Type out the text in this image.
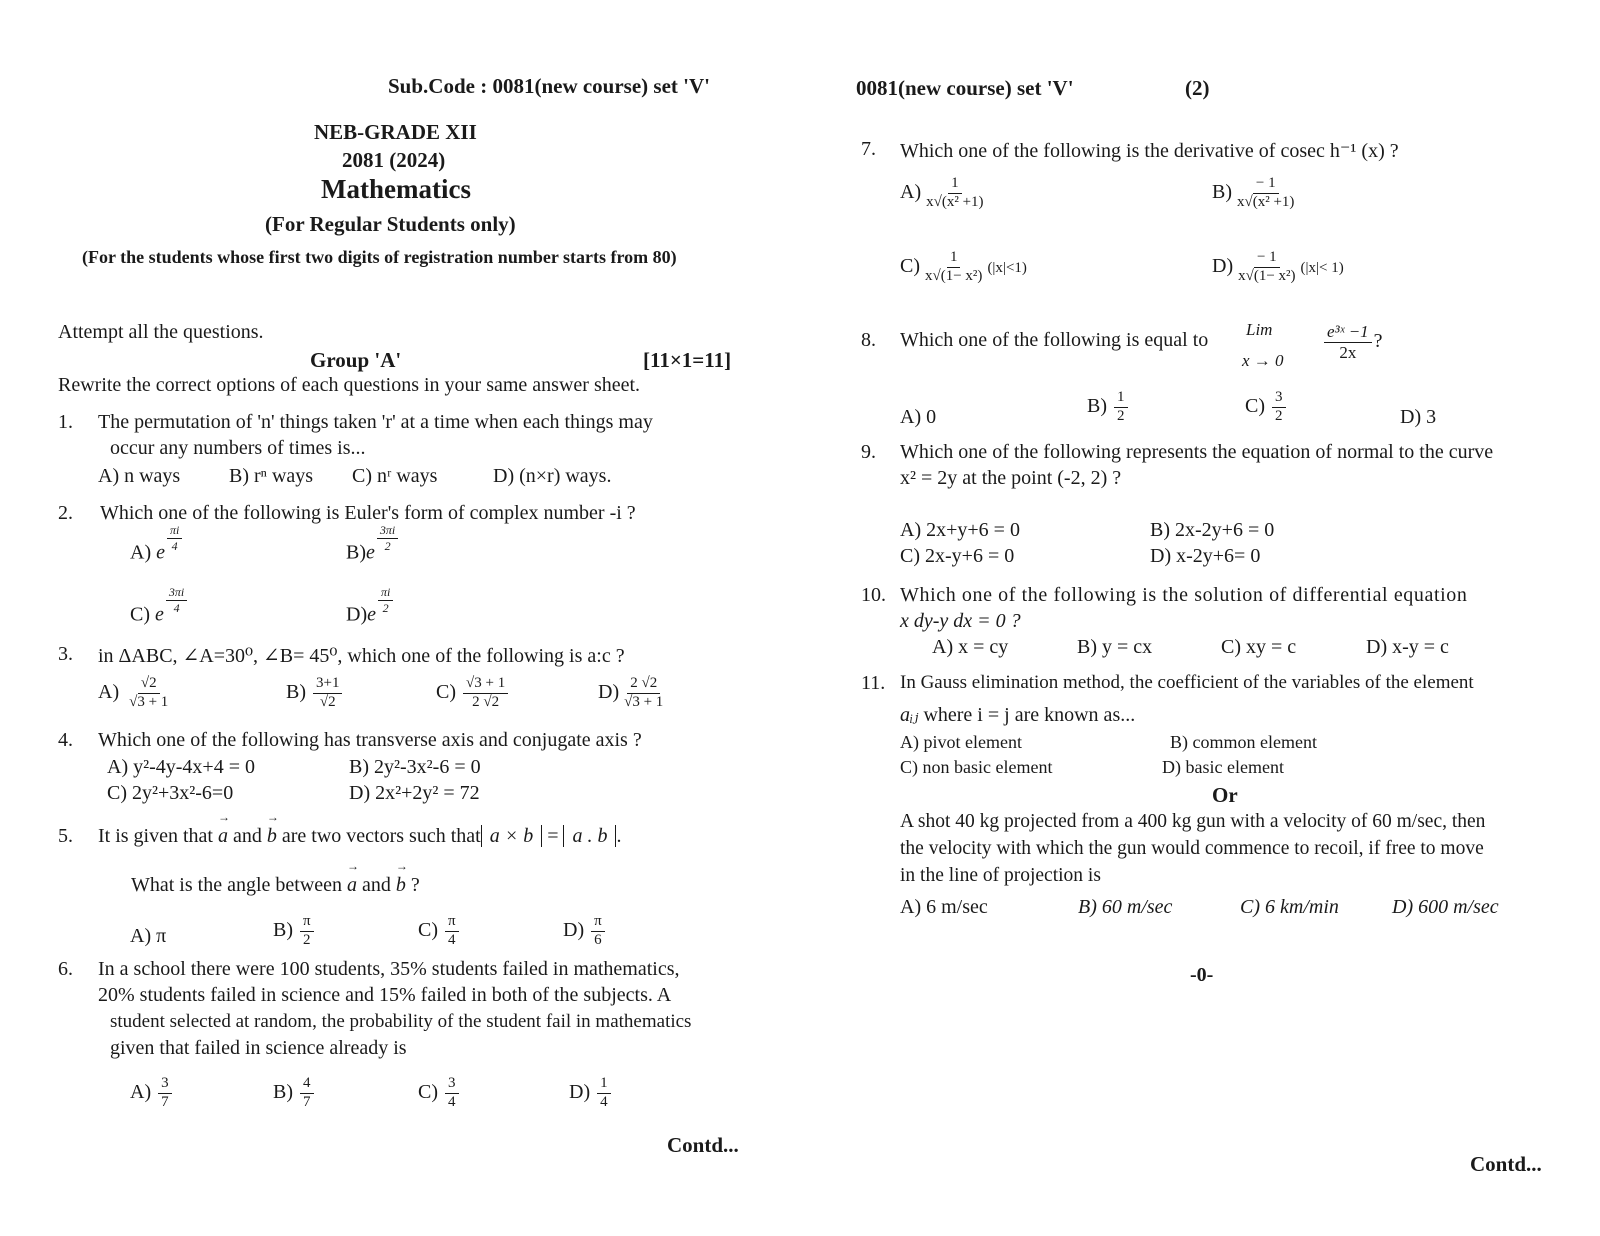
Sub.Code : 0081(new course) set 'V'
NEB-GRADE XII
2081 (2024)
Mathematics
(For Regular Students only)
(For the students whose first two digits of registration number starts from 80)
Attempt all the questions.
Group 'A'	[11×1=11]
Rewrite the correct options of each questions in your same answer sheet.
1. The permutation of 'n' things taken 'r' at a time when each things may
occur any numbers of times is...
A) n ways B) rⁿ ways C) nʳ ways	D) (n×r) ways.
2. Which one of the following is Euler's form of complex number -i ?
A) e
$\frac{\pi i}{4}$
B)e
$\frac{3\pi i}{2}$
C) e
$\frac{3\pi i}{4}$
D)e
$\frac{\pi i}{2}$
3. in ΔABC, ∠A=30⁰, ∠B= 45⁰, which one of the following is a:c ?
$A) \frac{√2}{√3 + 1}$	$B) \frac{3+1}{√2}$	$C) \frac{√3 + 1}{2 √2}$	$D) \frac{2 √2}{√3 + 1}$
4. Which one of the following has transverse axis and conjugate axis ?
A) y²-4y-4x+4 = 0	B) 2y²-3x²-6 = 0
C) 2y²+3x²-6=0	D) 2x²+2y² = 72
5. It is given that → a and → b are two vectors such that a × b = a . b .
What is the angle between → a and → b ?
A) π	$B) \frac{\pi}{2}$	$C) \frac{\pi}{4}$	$D) \frac{\pi}{6}$
6. In a school there were 100 students, 35% students failed in mathematics,
20% students failed in science and 15% failed in both of the subjects. A
student selected at random, the probability of the student fail in mathematics
given that failed in science already is
$A) \frac{3}{7}$	$B) \frac{4}{7}$	$C) \frac{3}{4}$	$D) \frac{1}{4}$
Contd...
0081(new course) set 'V'	(2)
7. Which one of the following is the derivative of cosec h⁻¹ (x) ?
$A) \frac{1}{\text{x√(x² +1)}}$	$B) \frac{- 1}{\text{x√(x² +1)}}$
$C) \frac{1}{\text{x√(1− x²)}} (|x|<1)$	$D) \frac{- 1}{\text{x√(1− x²)}} (|x|< 1)$
8. Which one of the following is equal to Lim
$x \to 0 \frac{\text{e³ˣ −1}}{2x}$ ?
A) 0
$B) \frac{1}{2}$	$C) \frac{3}{2}$	D) 3
9. Which one of the following represents the equation of normal to the curve
x² = 2y at the point (-2, 2) ?
A) 2x+y+6 = 0	B) 2x-2y+6 = 0
C) 2x-y+6 = 0	D) x-2y+6= 0
10. Which one of the following is the solution of differential equation
x dy-y dx = 0 ?
A) x = cy	B) y = cx	C) xy = c	D) x-y = c
11. In Gauss elimination method, the coefficient of the variables of the element
aᵢⱼ where i = j are known as...
A) pivot element	B) common element
C) non basic element	D) basic element
Or
A shot 40 kg projected from a 400 kg gun with a velocity of 60 m/sec, then
the velocity with which the gun would commence to recoil, if free to move
in the line of projection is
A) 6 m/sec	B) 60 m/sec	C) 6 km/min	D) 600 m/sec
-0-
Contd...
